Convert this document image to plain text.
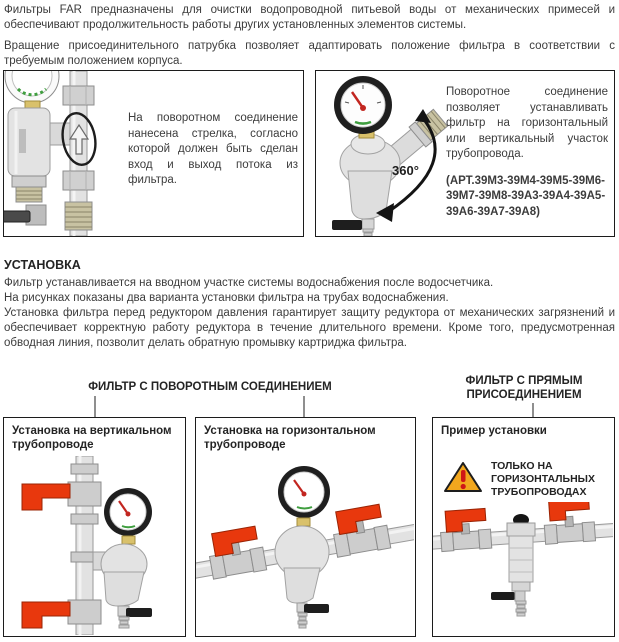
Фильтры FAR предназначены для очистки водопроводной питьевой воды от механических примесей и обеспечивают продолжительность работы других установленных элементов системы.

Вращение присоединительного патрубка позволяет адаптировать положение фильтра в соответствии с требуемым положением корпуса.

На поворотном соединение нанесена стрелка, согласно которой должен быть сделан вход и выход потока из фильтра.

360°

Поворотное соединение позволяет устанавливать фильтр на горизонтальный или вертикальный участок трубопровода.

(АРТ.39M3-39M4-39M5-39M6-39M7-39M8-39A3-39A4-39A5-39A6-39A7-39A8)

УСТАНОВКА

Фильтр устанавливается на вводном участке системы водоснабжения после водосчетчика.

На рисунках показаны два варианта установки фильтра на трубах водоснабжения.

Установка фильтра перед редуктором давления гарантирует защиту редуктора от механических загрязнений и обеспечивает корректную работу редуктора в течение длительного времени. Кроме того, предусмотренная обводная линия, позволит делать обратную промывку картриджа фильтра.

ФИЛЬТР С ПОВОРОТНЫМ СОЕДИНЕНИЕМ	ФИЛЬТР С ПРЯМЫМ ПРИСОЕДИНЕНИЕМ
Установка на вертикальном трубопроводе
Установка на горизонтальном трубопроводе
Пример установки
ТОЛЬКО НА ГОРИЗОНТАЛЬНЫХ ТРУБОПРОВОДАХ
